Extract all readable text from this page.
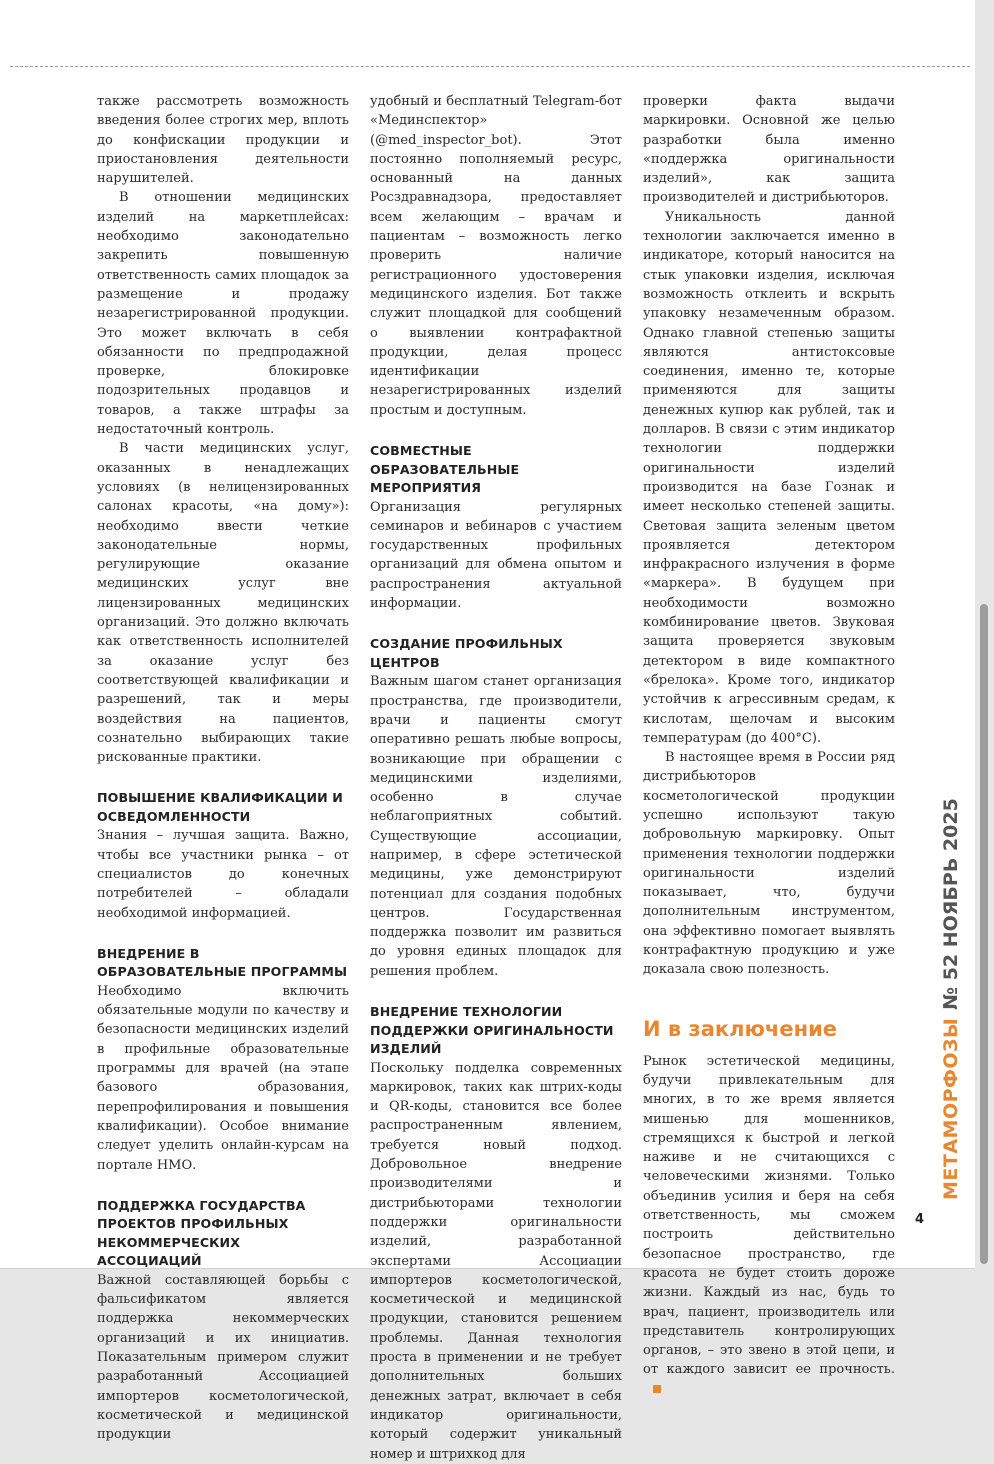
также рассмотреть возможность введения более строгих мер, вплоть до конфискации продукции и приостановления деятельности нарушителей.

В отношении медицинских изделий на маркетплейсах: необходимо законодательно закрепить повышенную ответственность самих площадок за размещение и продажу незарегистрированной продукции. Это может включать в себя обязанности по предпродажной проверке, блокировке подозрительных продавцов и товаров, а также штрафы за недостаточный контроль.

В части медицинских услуг, оказанных в ненадлежащих условиях (в нелицензированных салонах красоты, «на дому»): необходимо ввести четкие законодательные нормы, регулирующие оказание медицинских услуг вне лицензированных медицинских организаций. Это должно включать как ответственность исполнителей за оказание услуг без соответствующей квалификации и разрешений, так и меры воздействия на пациентов, сознательно выбирающих такие рискованные практики.

ПОВЫШЕНИЕ КВАЛИФИКАЦИИ И ОСВЕДОМЛЕННОСТИ

Знания – лучшая защита. Важно, чтобы все участники рынка – от специалистов до конечных потребителей – обладали необходимой информацией.

ВНЕДРЕНИЕ В ОБРАЗОВАТЕЛЬНЫЕ ПРОГРАММЫ

Необходимо включить обязательные модули по качеству и безопасности медицинских изделий в профильные образовательные программы для врачей (на этапе базового образования, перепрофилирования и повышения квалификации). Особое внимание следует уделить онлайн-курсам на портале НМО.

ПОДДЕРЖКА ГОСУДАРСТВА ПРОЕКТОВ ПРОФИЛЬНЫХ НЕКОММЕРЧЕСКИХ АССОЦИАЦИЙ

Важной составляющей борьбы с фальсификатом является поддержка некоммерческих организаций и их инициатив. Показательным примером служит разработанный Ассоциацией импортеров косметологической, косметической и медицинской продукции

удобный и бесплатный Telegram-бот «Мединспектор» (@med_inspector_bot). Этот постоянно пополняемый ресурс, основанный на данных Росздравнадзора, предоставляет всем желающим – врачам и пациентам – возможность легко проверить наличие регистрационного удостоверения медицинского изделия. Бот также служит площадкой для сообщений о выявлении контрафактной продукции, делая процесс идентификации незарегистрированных изделий простым и доступным.

СОВМЕСТНЫЕ ОБРАЗОВАТЕЛЬНЫЕ МЕРОПРИЯТИЯ

Организация регулярных семинаров и вебинаров с участием государственных профильных организаций для обмена опытом и распространения актуальной информации.

СОЗДАНИЕ ПРОФИЛЬНЫХ ЦЕНТРОВ

Важным шагом станет организация пространства, где производители, врачи и пациенты смогут оперативно решать любые вопросы, возникающие при обращении с медицинскими изделиями, особенно в случае неблагоприятных событий. Существующие ассоциации, например, в сфере эстетической медицины, уже демонстрируют потенциал для создания подобных центров. Государственная поддержка позволит им развиться до уровня единых площадок для решения проблем.

ВНЕДРЕНИЕ ТЕХНОЛОГИИ ПОДДЕРЖКИ ОРИГИНАЛЬНОСТИ ИЗДЕЛИЙ

Поскольку подделка современных маркировок, таких как штрих-коды и QR-коды, становится все более распространенным явлением, требуется новый подход. Добровольное внедрение производителями и дистрибьюторами технологии поддержки оригинальности изделий, разработанной экспертами Ассоциации импортеров косметологической, косметической и медицинской продукции, становится решением проблемы. Данная технология проста в применении и не требует дополнительных больших денежных затрат, включает в себя индикатор оригинальности, который содержит уникальный номер и штрихкод для

проверки факта выдачи маркировки. Основной же целью разработки была именно «поддержка оригинальности изделий», как защита производителей и дистрибьюторов.

Уникальность данной технологии заключается именно в индикаторе, который наносится на стык упаковки изделия, исключая возможность отклеить и вскрыть упаковку незамеченным образом. Однако главной степенью защиты являются антистоксовые соединения, именно те, которые применяются для защиты денежных купюр как рублей, так и долларов. В связи с этим индикатор технологии поддержки оригинальности изделий производится на базе Гознак и имеет несколько степеней защиты. Световая защита зеленым цветом проявляется детектором инфракрасного излучения в форме «маркера». В будущем при необходимости возможно комбинирование цветов. Звуковая защита проверяется звуковым детектором в виде компактного «брелока». Кроме того, индикатор устойчив к агрессивным средам, к кислотам, щелочам и высоким температурам (до 400°С).

В настоящее время в России ряд дистрибьюторов косметологической продукции успешно используют такую добровольную маркировку. Опыт применения технологии поддержки оригинальности изделий показывает, что, будучи дополнительным инструментом, она эффективно помогает выявлять контрафактную продукцию и уже доказала свою полезность.

И в заключение

Рынок эстетической медицины, будучи привлекательным для многих, в то же время является мишенью для мошенников, стремящихся к быстрой и легкой наживе и не считающихся с человеческими жизнями. Только объединив усилия и беря на себя ответственность, мы сможем построить действительно безопасное пространство, где красота не будет стоить дороже жизни. Каждый из нас, будь то врач, пациент, производитель или представитель контролирующих органов, – это звено в этой цепи, и от каждого зависит ее прочность.

МЕТАМОРФОЗЫ№ 52 НОЯБРЬ 2025
4
